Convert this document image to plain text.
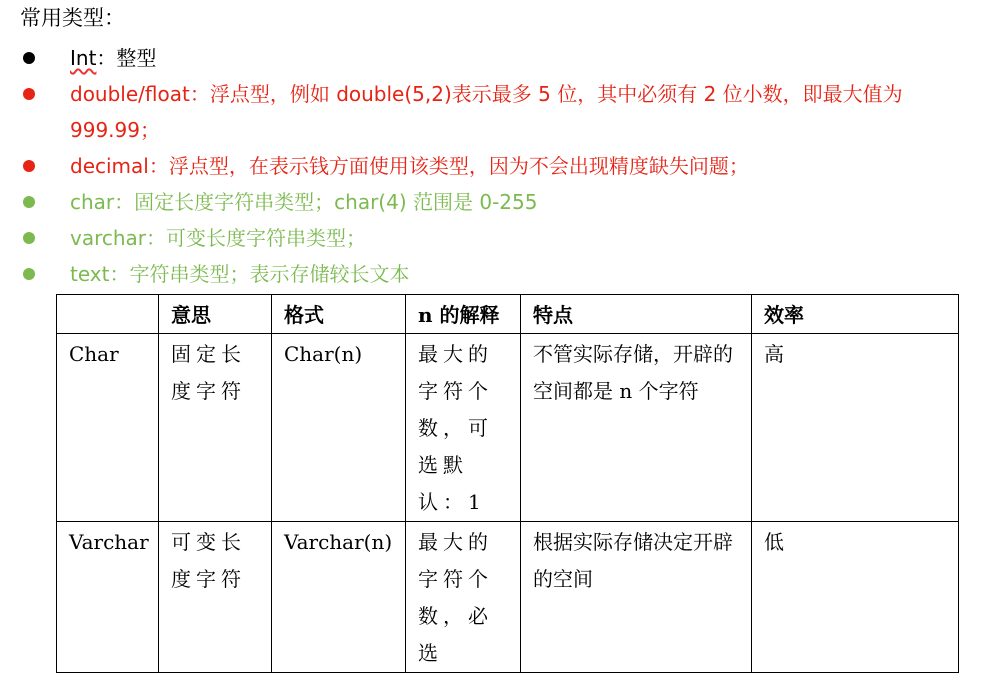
常用类型：
Int：整型
double/float：浮点型，例如 double(5,2)表示最多 5 位，其中必须有 2 位小数，即最大值为 999.99；
decimal：浮点型，在表示钱方面使用该类型，因为不会出现精度缺失问题；
char：固定长度字符串类型；char(4) 范围是 0-255
varchar：可变长度字符串类型；
text：字符串类型；表示存储较长文本
	意思	格式	n 的解释	特点	效率
Char	固定长度字符	Char(n)	最大的字符个数，可选默认：1	不管实际存储，开辟的空间都是 n 个字符	高
Varchar	可变长度字符	Varchar(n)	最大的字符个数，必选	根据实际存储决定开辟的空间	低
